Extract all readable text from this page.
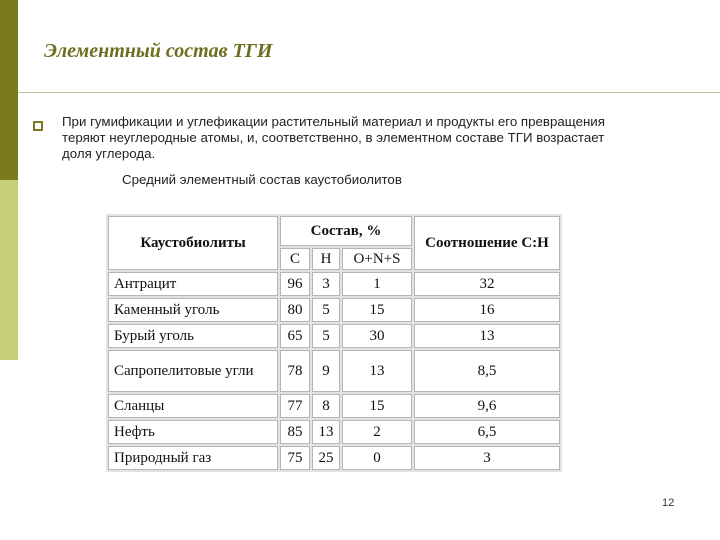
Элементный состав ТГИ
При гумификации и углефикации растительный материал и продукты его превращения теряют неуглеродные атомы, и, соответственно, в элементном составе ТГИ возрастает доля углерода.
Средний элементный состав каустобиолитов
Каустобиолиты	Состав, %			Соотношение С:Н
	С	Н	O+N+S	
Антрацит	96	3	1	32
Каменный уголь	80	5	15	16
Бурый уголь	65	5	30	13
Сапропелитовые угли	78	9	13	8,5
Сланцы	77	8	15	9,6
Нефть	85	13	2	6,5
Природный газ	75	25	0	3
12
